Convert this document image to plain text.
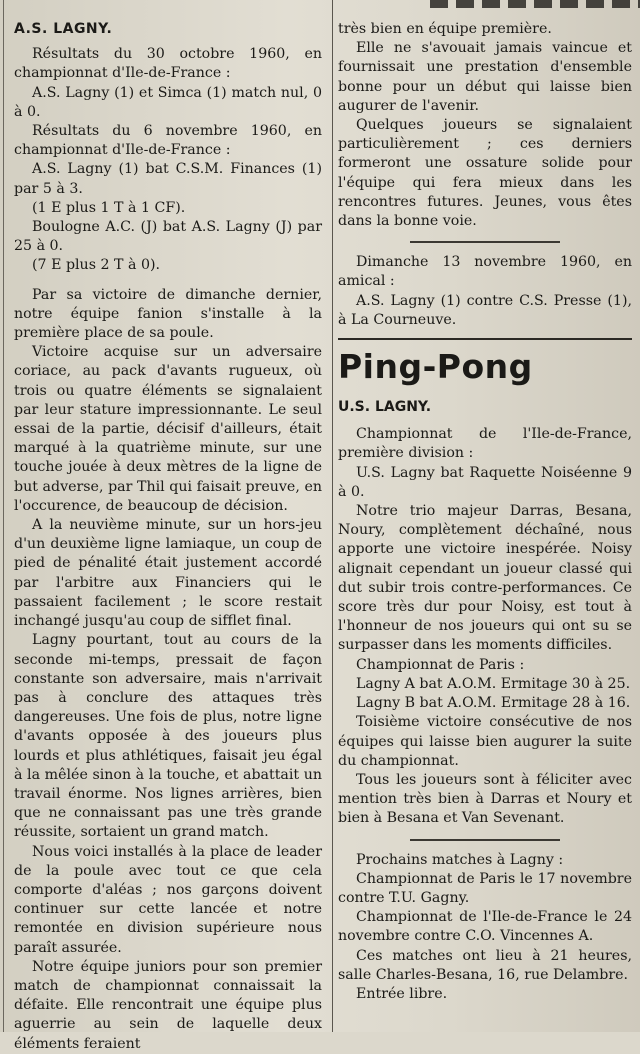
A.S. LAGNY.

Résultats du 30 octobre 1960, en championnat d'Ile-de-France :

A.S. Lagny (1) et Simca (1) match nul, 0 à 0.

Résultats du 6 novembre 1960, en championnat d'Ile-de-France :

A.S. Lagny (1) bat C.S.M. Finances (1) par 5 à 3.

(1 E plus 1 T à 1 CF).

Boulogne A.C. (J) bat A.S. Lagny (J) par 25 à 0.

(7 E plus 2 T à 0).

Par sa victoire de dimanche dernier, notre équipe fanion s'installe à la première place de sa poule.

Victoire acquise sur un adversaire coriace, au pack d'avants rugueux, où trois ou quatre éléments se signalaient par leur stature impressionnante. Le seul essai de la partie, décisif d'ailleurs, était marqué à la quatrième minute, sur une touche jouée à deux mètres de la ligne de but adverse, par Thil qui faisait preuve, en l'occurence, de beaucoup de décision.

A la neuvième minute, sur un hors-jeu d'un deuxième ligne lamiaque, un coup de pied de pénalité était justement accordé par l'arbitre aux Financiers qui le passaient facilement ; le score restait inchangé jusqu'au coup de sifflet final.

Lagny pourtant, tout au cours de la seconde mi-temps, pressait de façon constante son adversaire, mais n'arrivait pas à conclure des attaques très dangereuses. Une fois de plus, notre ligne d'avants opposée à des joueurs plus lourds et plus athlétiques, faisait jeu égal à la mêlée sinon à la touche, et abattait un travail énorme. Nos lignes arrières, bien que ne connaissant pas une très grande réussite, sortaient un grand match.

Nous voici installés à la place de leader de la poule avec tout ce que cela comporte d'aléas ; nos garçons doivent continuer sur cette lancée et notre remontée en division supérieure nous paraît assurée.

Notre équipe juniors pour son premier match de championnat connaissait la défaite. Elle rencontrait une équipe plus aguerrie au sein de laquelle deux éléments feraient

très bien en équipe première.

Elle ne s'avouait jamais vaincue et fournissait une prestation d'ensemble bonne pour un début qui laisse bien augurer de l'avenir.

Quelques joueurs se signalaient particulièrement ; ces derniers formeront une ossature solide pour l'équipe qui fera mieux dans les rencontres futures. Jeunes, vous êtes dans la bonne voie.

Dimanche 13 novembre 1960, en amical :

A.S. Lagny (1) contre C.S. Presse (1), à La Courneuve.

Ping-Pong
U.S. LAGNY.

Championnat de l'Ile-de-France, première division :

U.S. Lagny bat Raquette Noiséenne 9 à 0.

Notre trio majeur Darras, Besana, Noury, complètement déchaîné, nous apporte une victoire inespérée. Noisy alignait cependant un joueur classé qui dut subir trois contre-performances. Ce score très dur pour Noisy, est tout à l'honneur de nos joueurs qui ont su se surpasser dans les moments difficiles.

Championnat de Paris :

Lagny A bat A.O.M. Ermitage 30 à 25.

Lagny B bat A.O.M. Ermitage 28 à 16.

Toisième victoire consécutive de nos équipes qui laisse bien augurer la suite du championnat.

Tous les joueurs sont à féliciter avec mention très bien à Darras et Noury et bien à Besana et Van Sevenant.

Prochains matches à Lagny :

Championnat de Paris le 17 novembre contre T.U. Gagny.

Championnat de l'Ile-de-France le 24 novembre contre C.O. Vincennes A.

Ces matches ont lieu à 21 heures, salle Charles-Besana, 16, rue Delambre.

Entrée libre.
